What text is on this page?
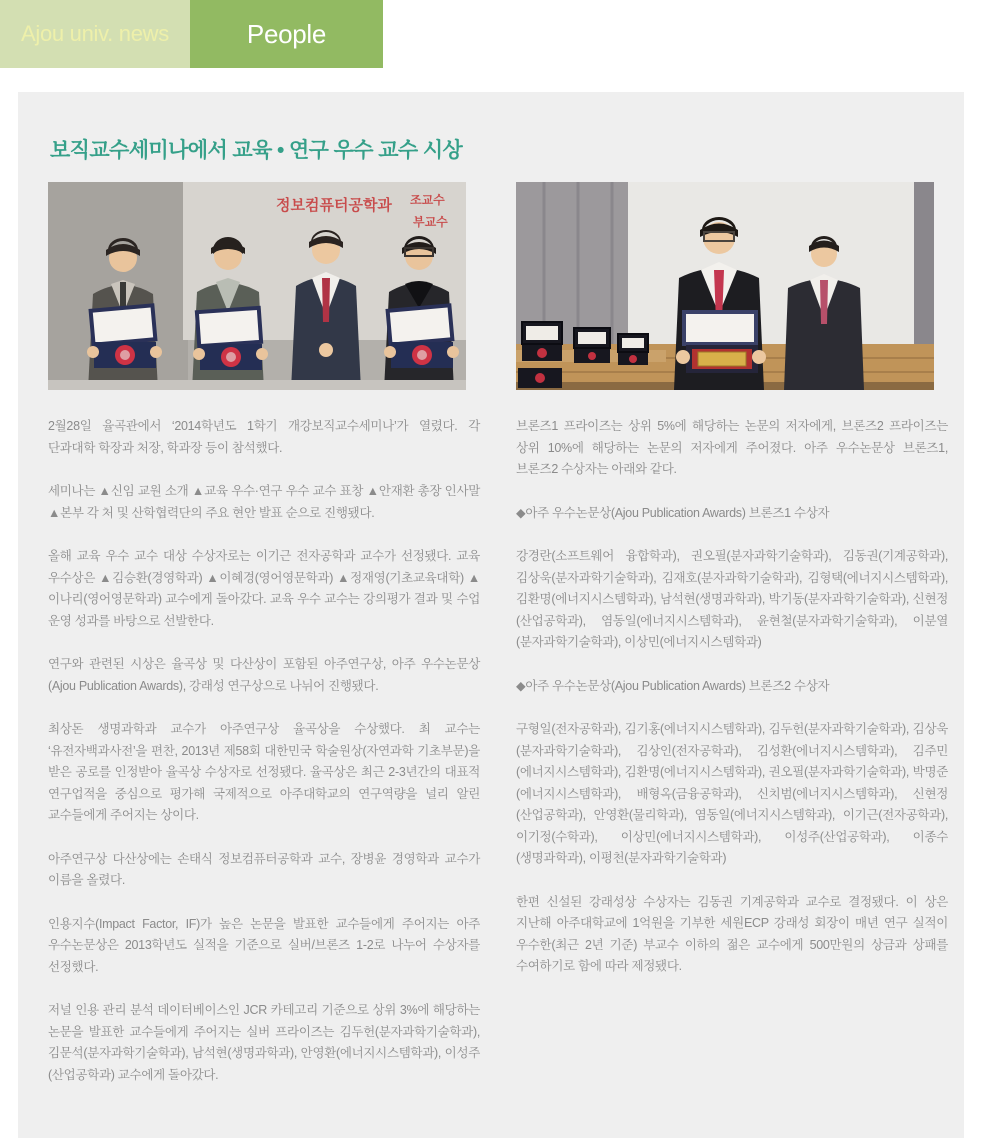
Ajou univ. news	People
보직교수세미나에서 교육 • 연구 우수 교수 시상
정보컴퓨터공학과 조교수
부교수

2월28일 율곡관에서 ‘2014학년도 1학기 개강보직교수세미나’가 열렸다. 각 단과대학 학장과 처장, 학과장 등이 참석했다.

세미나는 ▲신임 교원 소개 ▲교육 우수·연구 우수 교수 표창 ▲안재환 총장 인사말 ▲본부 각 처 및 산학협력단의 주요 현안 발표 순으로 진행됐다.

올해 교육 우수 교수 대상 수상자로는 이기근 전자공학과 교수가 선정됐다. 교육 우수상은 ▲김승환(경영학과) ▲이혜경(영어영문학과) ▲정재영(기초교육대학) ▲이나리(영어영문학과) 교수에게 돌아갔다. 교육 우수 교수는 강의평가 결과 및 수업 운영 성과를 바탕으로 선발한다.

연구와 관련된 시상은 율곡상 및 다산상이 포함된 아주연구상, 아주 우수논문상(Ajou Publication Awards), 강래성 연구상으로 나뉘어 진행됐다.

최상돈 생명과학과 교수가 아주연구상 율곡상을 수상했다. 최 교수는 ‘유전자백과사전’을 편찬, 2013년 제58회 대한민국 학술원상(자연과학 기초부문)을 받은 공로를 인정받아 율곡상 수상자로 선정됐다. 율곡상은 최근 2-3년간의 대표적 연구업적을 중심으로 평가해 국제적으로 아주대학교의 연구역량을 널리 알린 교수들에게 주어지는 상이다.

아주연구상 다산상에는 손태식 정보컴퓨터공학과 교수, 장병윤 경영학과 교수가 이름을 올렸다.

인용지수(Impact Factor, IF)가 높은 논문을 발표한 교수들에게 주어지는 아주 우수논문상은 2013학년도 실적을 기준으로 실버/브론즈 1-2로 나누어 수상자를 선정했다.

저널 인용 관리 분석 데이터베이스인 JCR 카테고리 기준으로 상위 3%에 해당하는 논문을 발표한 교수들에게 주어지는 실버 프라이즈는 김두헌(분자과학기술학과), 김문석(분자과학기술학과), 남석현(생명과학과), 안영환(에너지시스템학과), 이성주(산업공학과) 교수에게 돌아갔다.

브론즈1 프라이즈는 상위 5%에 해당하는 논문의 저자에게, 브론즈2 프라이즈는 상위 10%에 해당하는 논문의 저자에게 주어졌다. 아주 우수논문상 브론즈1, 브론즈2 수상자는 아래와 같다.

◆아주 우수논문상(Ajou Publication Awards) 브론즈1 수상자

강경란(소프트웨어 융합학과), 권오필(분자과학기술학과), 김동권(기계공학과), 김상욱(분자과학기술학과), 김재호(분자과학기술학과), 김형택(에너지시스템학과), 김환명(에너지시스템학과), 남석현(생명과학과), 박기동(분자과학기술학과), 신현정(산업공학과), 염동일(에너지시스템학과), 윤현철(분자과학기술학과), 이분열(분자과학기술학과), 이상민(에너지시스템학과)

◆아주 우수논문상(Ajou Publication Awards) 브론즈2 수상자

구형일(전자공학과), 김기홍(에너지시스템학과), 김두헌(분자과학기술학과), 김상욱(분자과학기술학과), 김상인(전자공학과), 김성환(에너지시스템학과), 김주민(에너지시스템학과), 김환명(에너지시스템학과), 권오필(분자과학기술학과), 박명준(에너지시스템학과), 배형옥(금융공학과), 신치범(에너지시스템학과), 신현정(산업공학과), 안영환(물리학과), 염동일(에너지시스템학과), 이기근(전자공학과), 이기정(수학과), 이상민(에너지시스템학과), 이성주(산업공학과), 이종수(생명과학과), 이평천(분자과학기술학과)

한편 신설된 강래성상 수상자는 김동권 기계공학과 교수로 결정됐다. 이 상은 지난해 아주대학교에 1억원을 기부한 세원ECP 강래성 회장이 매년 연구 실적이 우수한(최근 2년 기준) 부교수 이하의 젊은 교수에게 500만원의 상금과 상패를 수여하기로 함에 따라 제정됐다.
